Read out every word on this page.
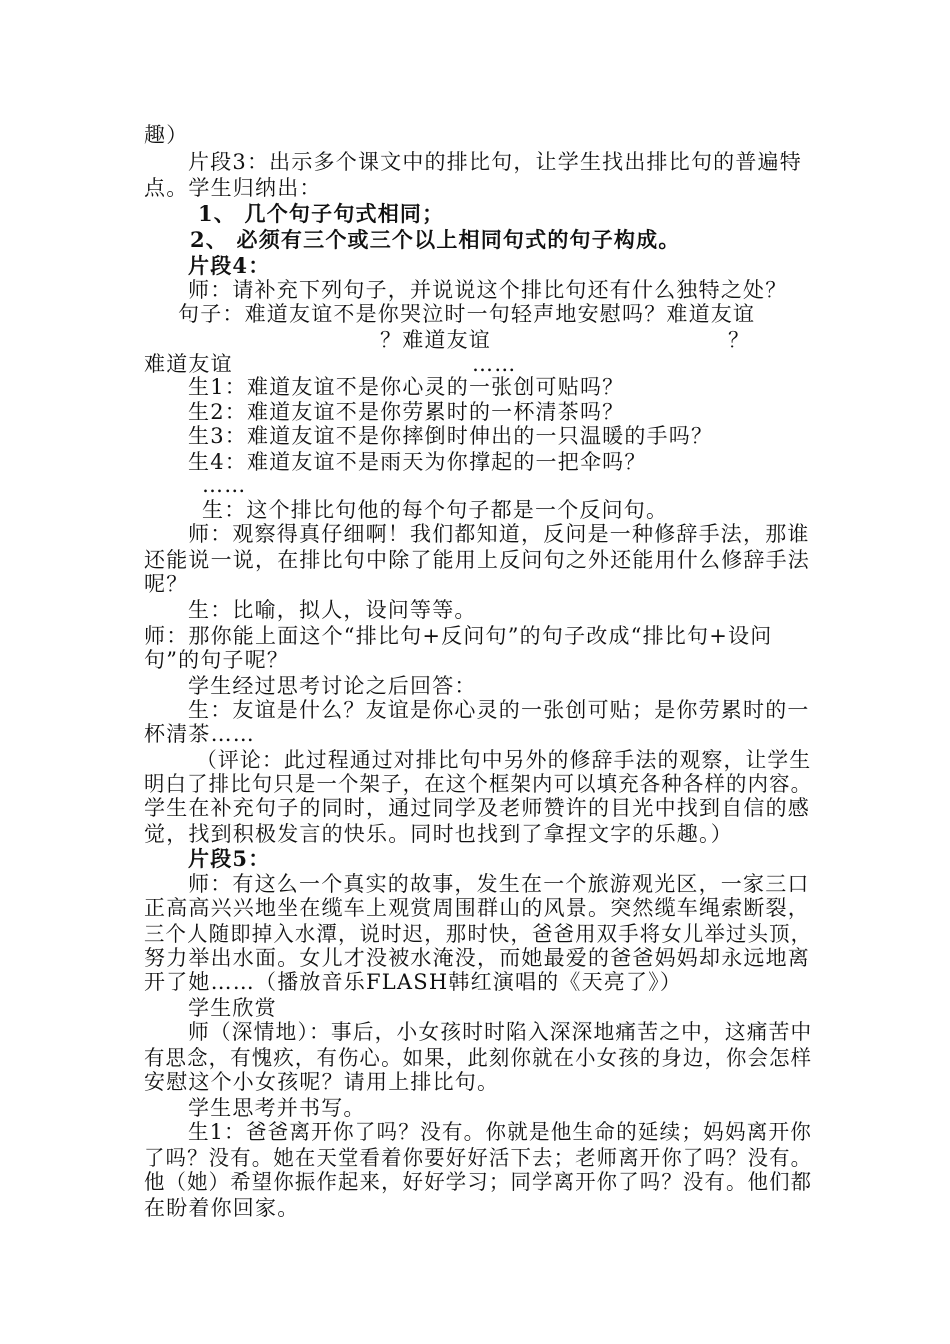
趣）
片段3：出示多个课文中的排比句，让学生找出排比句的普遍特
点。学生归纳出：
1、 几个句子句式相同；
2、 必须有三个或三个以上相同句式的句子构成。
片段4：
师：请补充下列句子，并说说这个排比句还有什么独特之处？
句子：难道友谊不是你哭泣时一句轻声地安慰吗？难道友谊
？难道友谊	？
难道友谊	……
生1：难道友谊不是你心灵的一张创可贴吗？
生2：难道友谊不是你劳累时的一杯清茶吗？
生3：难道友谊不是你摔倒时伸出的一只温暖的手吗？
生4：难道友谊不是雨天为你撑起的一把伞吗？
……
生：这个排比句他的每个句子都是一个反问句。
师：观察得真仔细啊！我们都知道，反问是一种修辞手法，那谁
还能说一说，在排比句中除了能用上反问句之外还能用什么修辞手法
呢？
生：比喻，拟人，设问等等。
师：那你能上面这个“排比句+反问句”的句子改成“排比句+设问
句”的句子呢？
学生经过思考讨论之后回答：
生：友谊是什么？友谊是你心灵的一张创可贴；是你劳累时的一
杯清茶……
（评论：此过程通过对排比句中另外的修辞手法的观察，让学生
明白了排比句只是一个架子，在这个框架内可以填充各种各样的内容。
学生在补充句子的同时，通过同学及老师赞许的目光中找到自信的感
觉，找到积极发言的快乐。同时也找到了拿捏文字的乐趣。）
片段5：
师：有这么一个真实的故事，发生在一个旅游观光区，一家三口
正高高兴兴地坐在缆车上观赏周围群山的风景。突然缆车绳索断裂，
三个人随即掉入水潭，说时迟，那时快，爸爸用双手将女儿举过头顶，
努力举出水面。女儿才没被水淹没，而她最爱的爸爸妈妈却永远地离
开了她……（播放音乐FLASH韩红演唱的《天亮了》）
学生欣赏
师（深情地）：事后，小女孩时时陷入深深地痛苦之中，这痛苦中
有思念，有愧疚，有伤心。如果，此刻你就在小女孩的身边，你会怎样
安慰这个小女孩呢？请用上排比句。
学生思考并书写。
生1：爸爸离开你了吗？没有。你就是他生命的延续；妈妈离开你
了吗？没有。她在天堂看着你要好好活下去；老师离开你了吗？没有。
他（她）希望你振作起来，好好学习；同学离开你了吗？没有。他们都
在盼着你回家。
